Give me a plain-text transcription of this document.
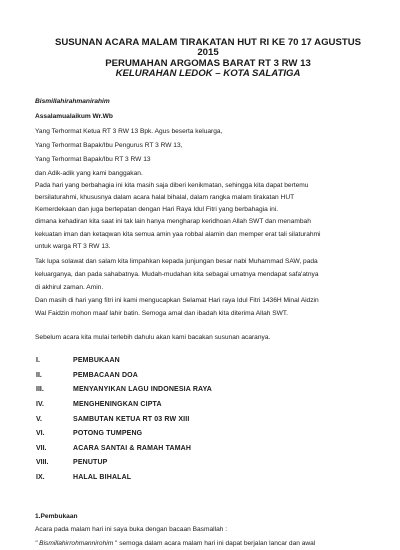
SUSUNAN ACARA MALAM TIRAKATAN HUT RI KE 70 17 AGUSTUS

2015

PERUMAHAN ARGOMAS BARAT RT 3 RW 13

KELURAHAN LEDOK – KOTA SALATIGA

Bismillahirahmanirahim

Assalamualaikum Wr.Wb

Yang Terhormat Ketua RT 3 RW 13 Bpk. Agus beserta keluarga,

Yang Terhormat Bapak/Ibu Pengurus RT 3 RW 13,

Yang Terhormat Bapak/Ibu RT 3 RW 13

dan Adik-adik yang kami banggakan.

Pada hari yang berbahagia ini kita masih saja diberi kenikmatan, sehingga kita dapat bertemu

bersilaturahmi, khususnya dalam acara halal bihalal, dalam rangka malam tirakatan HUT

Kemerdekaan dan juga bertepatan dengan Hari Raya Idul Fitri yang berbahagia ini.

dimana kehadiran kita saat ini tak lain hanya mengharap keridhoan Allah SWT dan menambah

kekuatan iman dan ketaqwan kita semua amin yaa robbal alamin dan memper erat tali silaturahmi

untuk warga RT 3 RW 13.

Tak lupa solawat dan salam kita limpahkan kepada junjungan besar nabi Muhammad SAW, pada

keluarganya, dan pada sahabatnya. Mudah-mudahan kita sebagai umatnya mendapat safa'atnya

di akhirul zaman. Amin.

Dan masih di hari yang fitri ini kami mengucapkan Selamat Hari raya Idul Fitri 1436H Minal Aidzin

Wal Faidzin mohon maaf lahir batin. Semoga amal dan ibadah kita diterima Allah SWT.

Sebelum acara kita mulai terlebih dahulu akan kami bacakan susunan acaranya.

I.	PEMBUKAAN

II.	PEMBACAAN DOA

III.	MENYANYIKAN LAGU INDONESIA RAYA

IV.	MENGHENINGKAN CIPTA

V.	SAMBUTAN KETUA RT 03 RW XIII

VI.	POTONG TUMPENG

VII.	ACARA SANTAI & RAMAH TAMAH

VIII.	PENUTUP

IX.	HALAL BIHALAL

1.Pembukaan

Acara pada malam hari ini saya buka dengan bacaan Basmallah :

" Bismillahirrohmannirohim " semoga dalam acara malam hari ini dapat berjalan lancar dan awal
